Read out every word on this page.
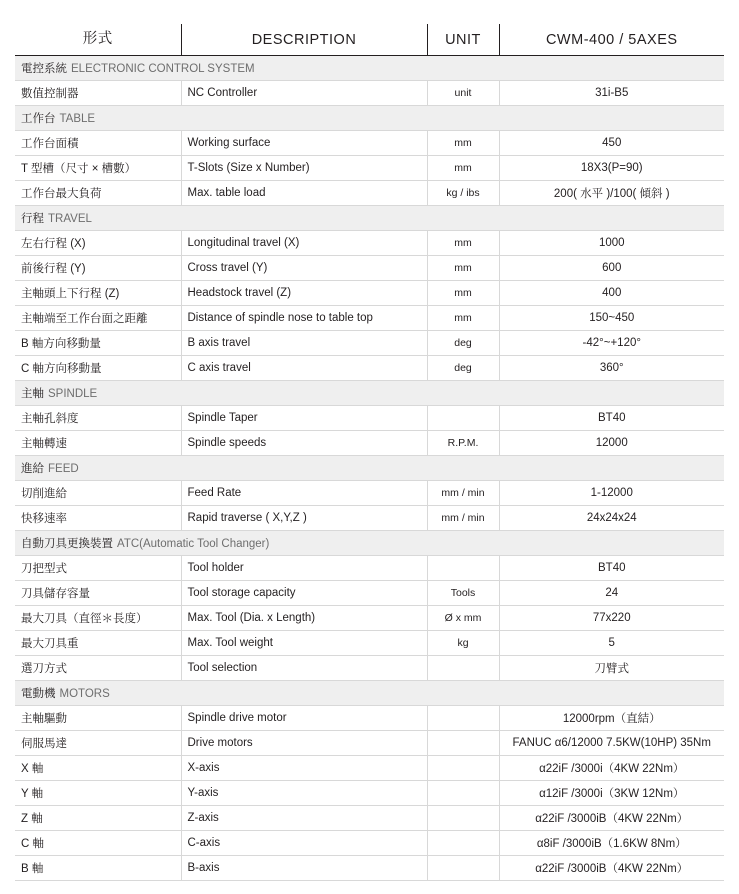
形式	DESCRIPTION	UNIT	CWM-400 / 5AXES
電控系統 ELECTRONIC CONTROL SYSTEM			
數值控制器	NC Controller	unit	31i-B5
工作台 TABLE			
工作台面積	Working surface	mm	450
T 型槽（尺寸 × 槽數）	T-Slots (Size x Number)	mm	18X3(P=90)
工作台最大負荷	Max. table load	kg / ibs	200( 水平 )/100( 傾斜 )
行程 TRAVEL			
左右行程 (X)	Longitudinal travel (X)	mm	1000
前後行程 (Y)	Cross travel (Y)	mm	600
主軸頭上下行程 (Z)	Headstock travel (Z)	mm	400
主軸端至工作台面之距離	Distance of spindle nose to table top	mm	150~450
B 軸方向移動量	B axis travel	deg	-42°~+120°
C 軸方向移動量	C axis travel	deg	360°
主軸 SPINDLE			
主軸孔斜度	Spindle Taper		BT40
主軸轉速	Spindle speeds	R.P.M.	12000
進給 FEED			
切削進給	Feed Rate	mm / min	1-12000
快移速率	Rapid traverse ( X,Y,Z )	mm / min	24x24x24
自動刀具更換裝置 ATC(Automatic Tool Changer)			
刀把型式	Tool holder		BT40
刀具儲存容量	Tool storage capacity	Tools	24
最大刀具（直徑＊長度）	Max. Tool (Dia. x Length)	Ø x mm	77x220
最大刀具重	Max. Tool weight	kg	5
選刀方式	Tool selection		刀臂式
電動機 MOTORS			
主軸驅動	Spindle drive motor		12000rpm（直結）
伺服馬達	Drive motors		FANUC α6/12000 7.5KW(10HP) 35Nm
X 軸	X-axis		α22iF /3000i（4KW 22Nm）
Y 軸	Y-axis		α12iF /3000i（3KW 12Nm）
Z 軸	Z-axis		α22iF /3000iB（4KW 22Nm）
C 軸	C-axis		α8iF /3000iB（1.6KW 8Nm）
B 軸	B-axis		α22iF /3000iB（4KW 22Nm）
